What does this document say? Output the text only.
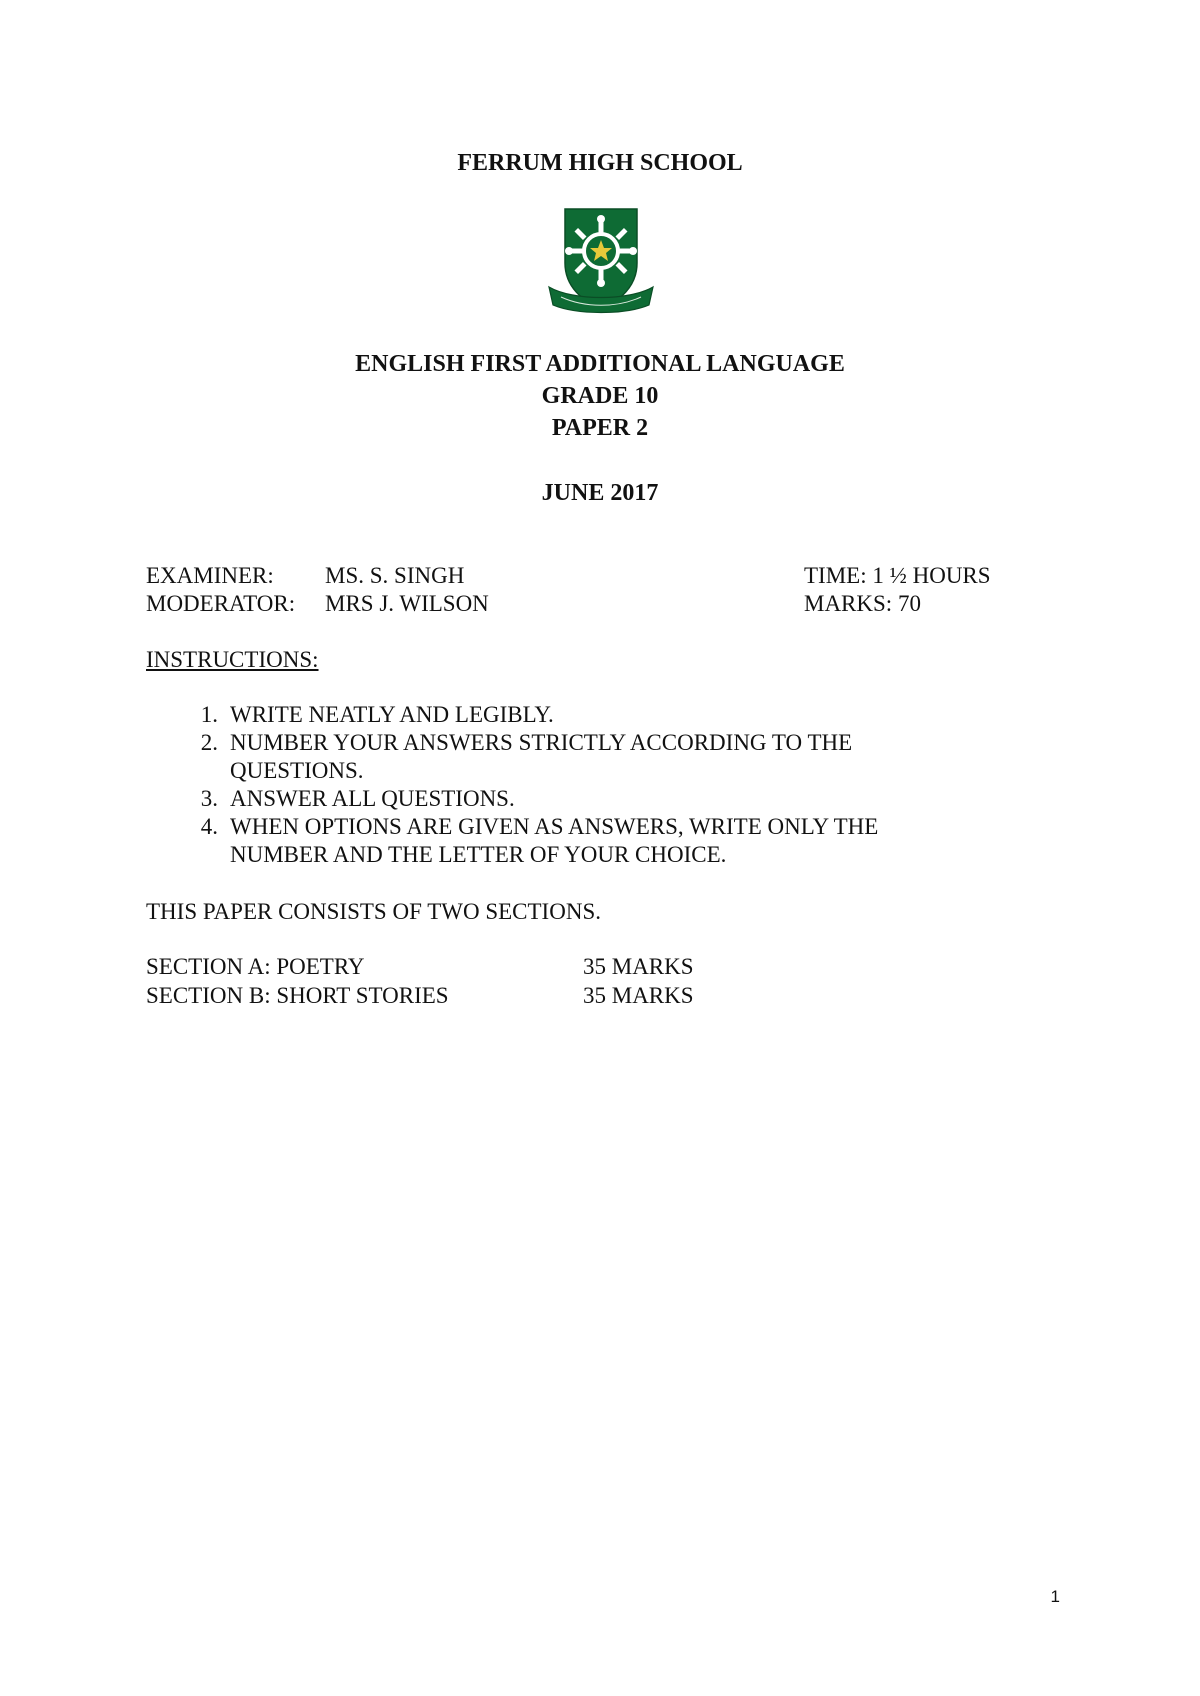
FERRUM HIGH SCHOOL
ENGLISH FIRST ADDITIONAL LANGUAGE
GRADE 10
PAPER 2
JUNE 2017
EXAMINER: MS. S. SINGH	TIME: 1 ½ HOURS
MODERATOR: MRS J. WILSON	MARKS: 70
INSTRUCTIONS:
1. WRITE NEATLY AND LEGIBLY.
2. NUMBER YOUR ANSWERS STRICTLY ACCORDING TO THE
QUESTIONS.
3. ANSWER ALL QUESTIONS.
4. WHEN OPTIONS ARE GIVEN AS ANSWERS, WRITE ONLY THE
NUMBER AND THE LETTER OF YOUR CHOICE.
THIS PAPER CONSISTS OF TWO SECTIONS.
SECTION A: POETRY	35 MARKS
SECTION B: SHORT STORIES	35 MARKS
1
